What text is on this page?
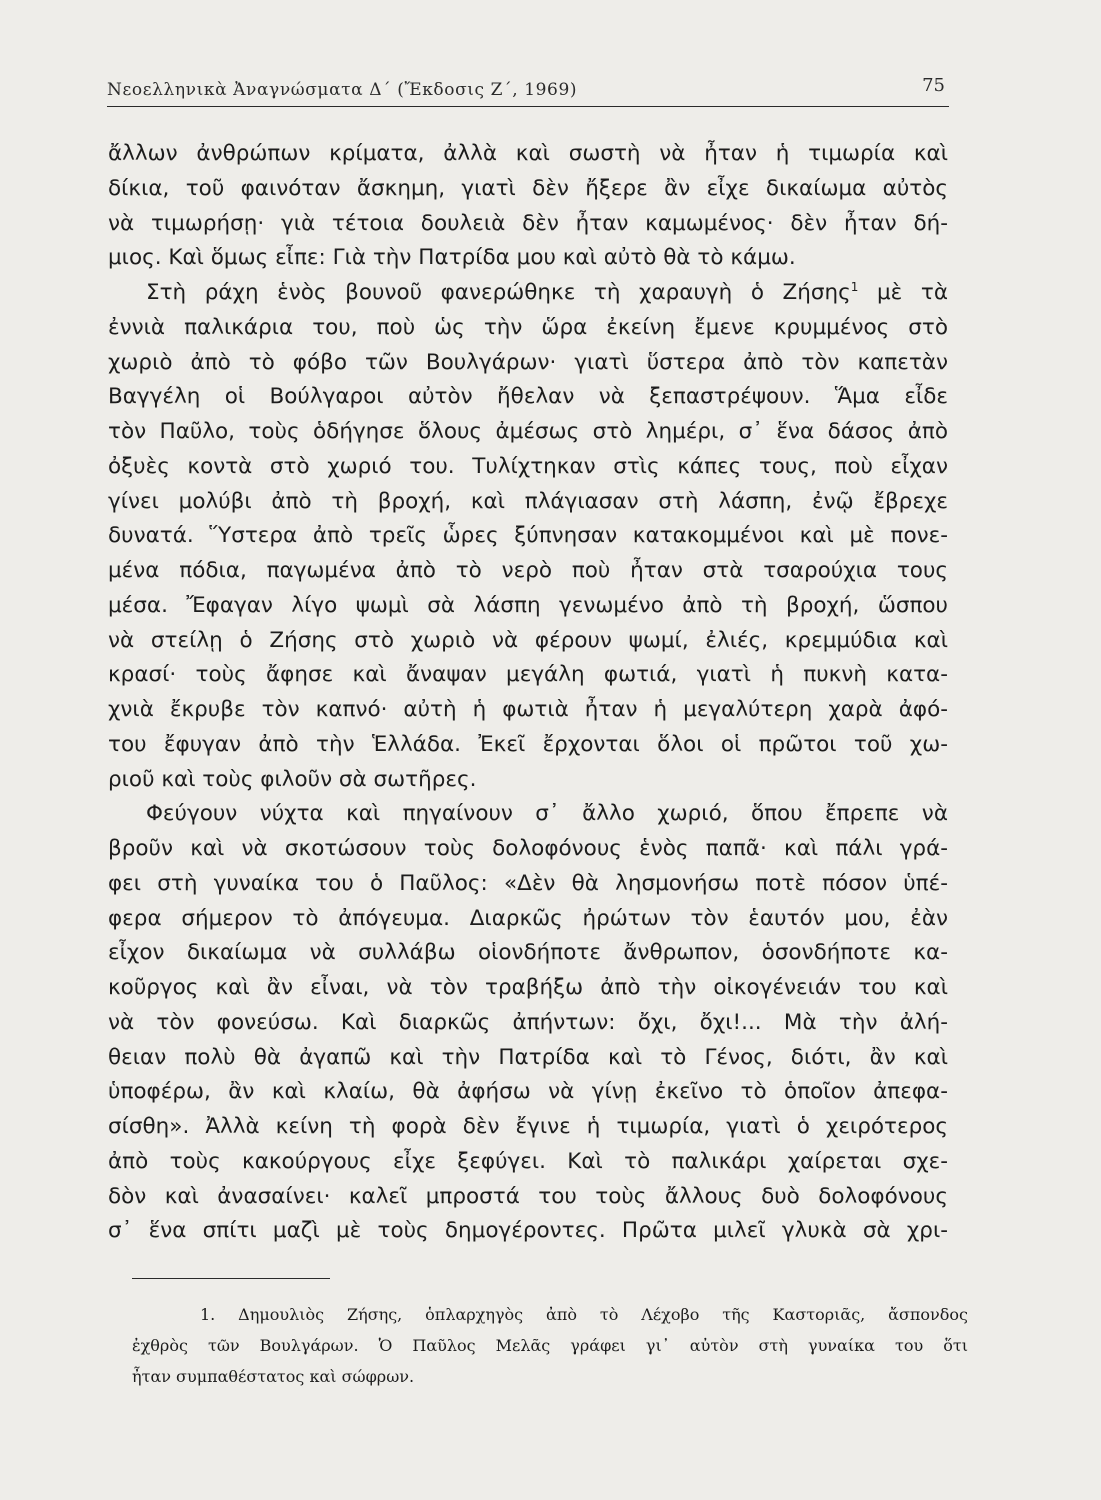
Νεοελληνικὰ Ἀναγνώσματα Δ΄ (Ἔκδοσις Ζ΄, 1969)	75
ἄλλων ἀνθρώπων κρίματα, ἀλλὰ καὶ σωστὴ νὰ ἦταν ἡ τιμωρία καὶ
δίκια, τοῦ φαινόταν ἄσκημη, γιατὶ δὲν ἤξερε ἂν εἶχε δικαίωμα αὐτὸς
νὰ τιμωρήσῃ· γιὰ τέτοια δουλειὰ δὲν ἦταν καμωμένος· δὲν ἦταν δή-
μιος. Καὶ ὅμως εἶπε: Γιὰ τὴν Πατρίδα μου καὶ αὐτὸ θὰ τὸ κάμω.
Στὴ ράχη ἑνὸς βουνοῦ φανερώθηκε τὴ χαραυγὴ ὁ Ζήσης$^1$ μὲ τὰ
ἐννιὰ παλικάρια του, ποὺ ὡς τὴν ὥρα ἐκείνη ἔμενε κρυμμένος στὸ
χωριὸ ἀπὸ τὸ φόβο τῶν Βουλγάρων· γιατὶ ὕστερα ἀπὸ τὸν καπετὰν
Βαγγέλη οἱ Βούλγαροι αὐτὸν ἤθελαν νὰ ξεπαστρέψουν. Ἅμα εἶδε
τὸν Παῦλο, τοὺς ὁδήγησε ὅλους ἀμέσως στὸ λημέρι, σ᾽ ἕνα δάσος ἀπὸ
ὀξυὲς κοντὰ στὸ χωριό του. Τυλίχτηκαν στὶς κάπες τους, ποὺ εἶχαν
γίνει μολύβι ἀπὸ τὴ βροχή, καὶ πλάγιασαν στὴ λάσπη, ἐνῷ ἔβρεχε
δυνατά. Ὕστερα ἀπὸ τρεῖς ὧρες ξύπνησαν κατακομμένοι καὶ μὲ πονε-
μένα πόδια, παγωμένα ἀπὸ τὸ νερὸ ποὺ ἦταν στὰ τσαρούχια τους
μέσα. Ἔφαγαν λίγο ψωμὶ σὰ λάσπη γενωμένο ἀπὸ τὴ βροχή, ὥσπου
νὰ στείλῃ ὁ Ζήσης στὸ χωριὸ νὰ φέρουν ψωμί, ἐλιές, κρεμμύδια καὶ
κρασί· τοὺς ἄφησε καὶ ἄναψαν μεγάλη φωτιά, γιατὶ ἡ πυκνὴ κατα-
χνιὰ ἔκρυβε τὸν καπνό· αὐτὴ ἡ φωτιὰ ἦταν ἡ μεγαλύτερη χαρὰ ἀφό-
του ἔφυγαν ἀπὸ τὴν Ἑλλάδα. Ἐκεῖ ἔρχονται ὅλοι οἱ πρῶτοι τοῦ χω-
ριοῦ καὶ τοὺς φιλοῦν σὰ σωτῆρες.
Φεύγουν νύχτα καὶ πηγαίνουν σ᾽ ἄλλο χωριό, ὅπου ἔπρεπε νὰ
βροῦν καὶ νὰ σκοτώσουν τοὺς δολοφόνους ἑνὸς παπᾶ· καὶ πάλι γρά-
φει στὴ γυναίκα του ὁ Παῦλος: «Δὲν θὰ λησμονήσω ποτὲ πόσον ὑπέ-
φερα σήμερον τὸ ἀπόγευμα. Διαρκῶς ἠρώτων τὸν ἑαυτόν μου, ἐὰν
εἶχον δικαίωμα νὰ συλλάβω οἱονδήποτε ἄνθρωπον, ὁσονδήποτε κα-
κοῦργος καὶ ἂν εἶναι, νὰ τὸν τραβήξω ἀπὸ τὴν οἰκογένειάν του καὶ
νὰ τὸν φονεύσω. Καὶ διαρκῶς ἀπήντων: ὄχι, ὄχι!... Μὰ τὴν ἀλή-
θειαν πολὺ θὰ ἀγαπῶ καὶ τὴν Πατρίδα καὶ τὸ Γένος, διότι, ἂν καὶ
ὑποφέρω, ἂν καὶ κλαίω, θὰ ἀφήσω νὰ γίνῃ ἐκεῖνο τὸ ὁποῖον ἀπεφα-
σίσθη». Ἀλλὰ κείνη τὴ φορὰ δὲν ἔγινε ἡ τιμωρία, γιατὶ ὁ χειρότερος
ἀπὸ τοὺς κακούργους εἶχε ξεφύγει. Καὶ τὸ παλικάρι χαίρεται σχε-
δὸν καὶ ἀνασαίνει· καλεῖ μπροστά του τοὺς ἄλλους δυὸ δολοφόνους
σ᾽ ἕνα σπίτι μαζὶ μὲ τοὺς δημογέροντες. Πρῶτα μιλεῖ γλυκὰ σὰ χρι-
1. Δημουλιὸς Ζήσης, ὁπλαρχηγὸς ἀπὸ τὸ Λέχοβο τῆς Καστοριᾶς, ἄσπονδος
ἐχθρὸς τῶν Βουλγάρων. Ὁ Παῦλος Μελᾶς γράφει γι᾽ αὐτὸν στὴ γυναίκα του ὅτι
ἦταν συμπαθέστατος καὶ σώφρων.
